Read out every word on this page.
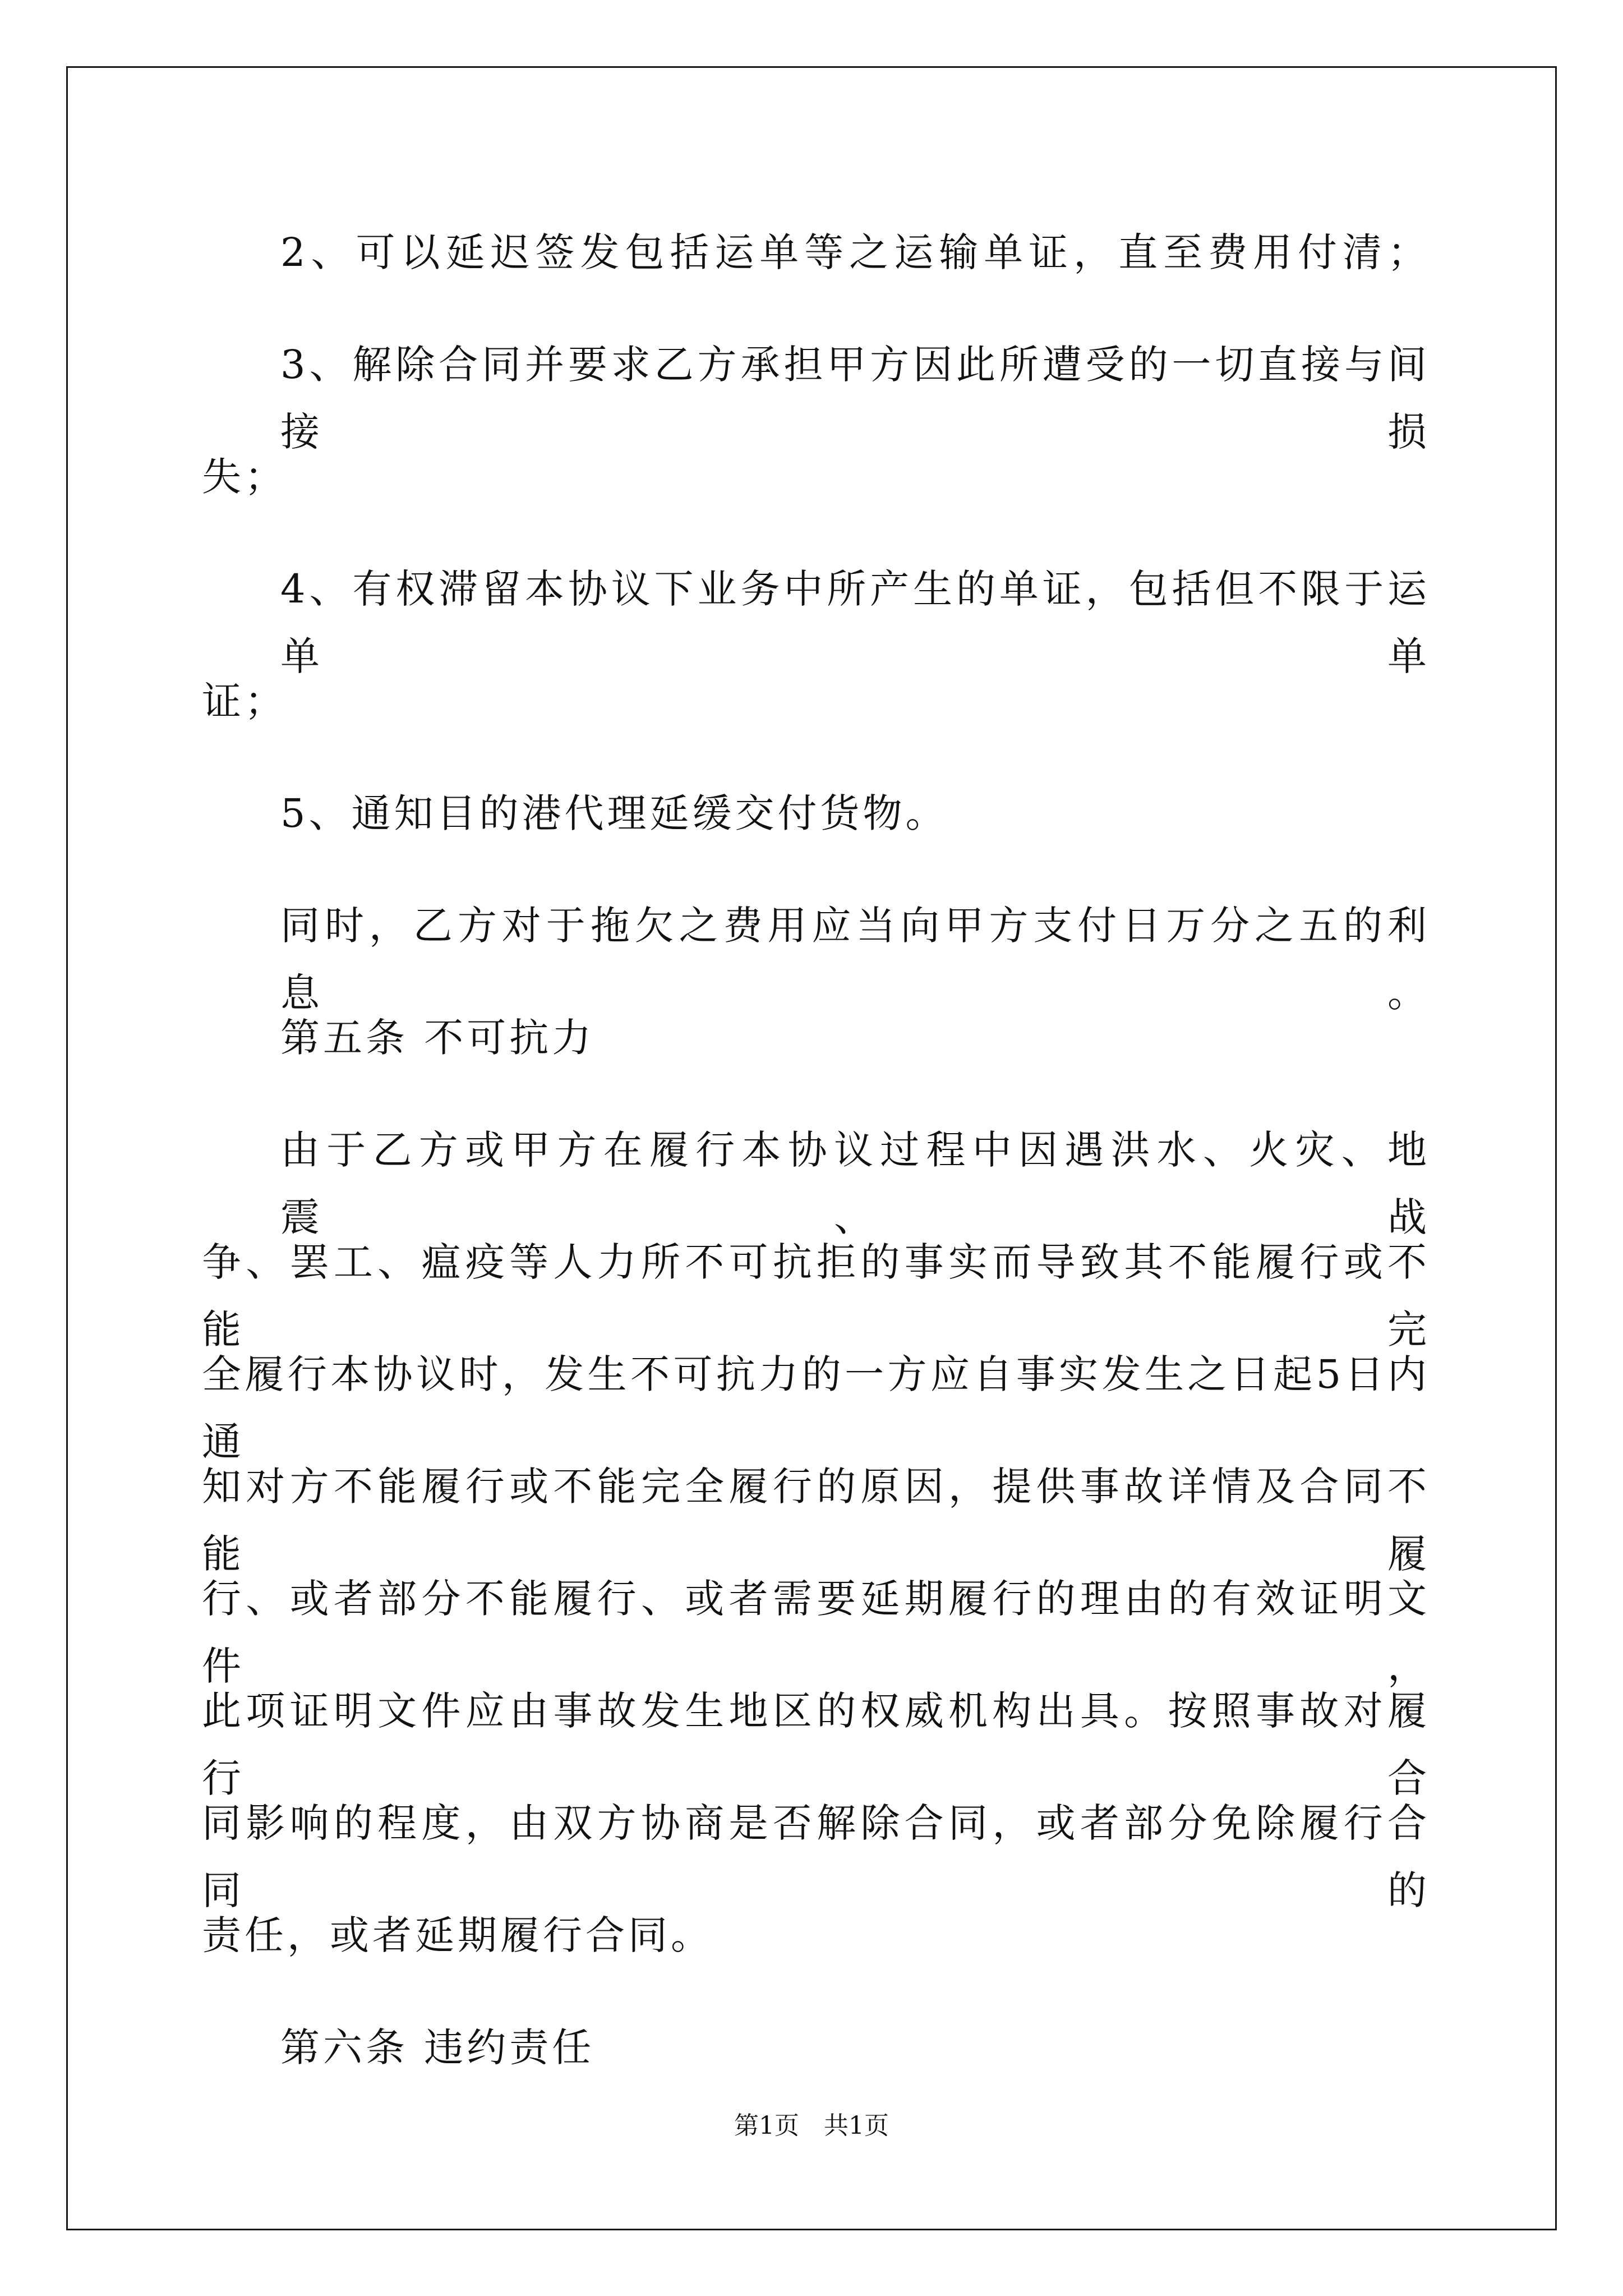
2、可以延迟签发包括运单等之运输单证，直至费用付清；
3、解除合同并要求乙方承担甲方因此所遭受的一切直接与间接损
失；
4、有权滞留本协议下业务中所产生的单证，包括但不限于运单单
证；
5、通知目的港代理延缓交付货物。
同时，乙方对于拖欠之费用应当向甲方支付日万分之五的利息。
第五条 不可抗力
由于乙方或甲方在履行本协议过程中因遇洪水、火灾、地震、战
争、罢工、瘟疫等人力所不可抗拒的事实而导致其不能履行或不能完
全履行本协议时，发生不可抗力的一方应自事实发生之日起5日内通
知对方不能履行或不能完全履行的原因，提供事故详情及合同不能履
行、或者部分不能履行、或者需要延期履行的理由的有效证明文件，
此项证明文件应由事故发生地区的权威机构出具。按照事故对履行合
同影响的程度，由双方协商是否解除合同，或者部分免除履行合同的
责任，或者延期履行合同。
第六条 违约责任
第1页　共1页
